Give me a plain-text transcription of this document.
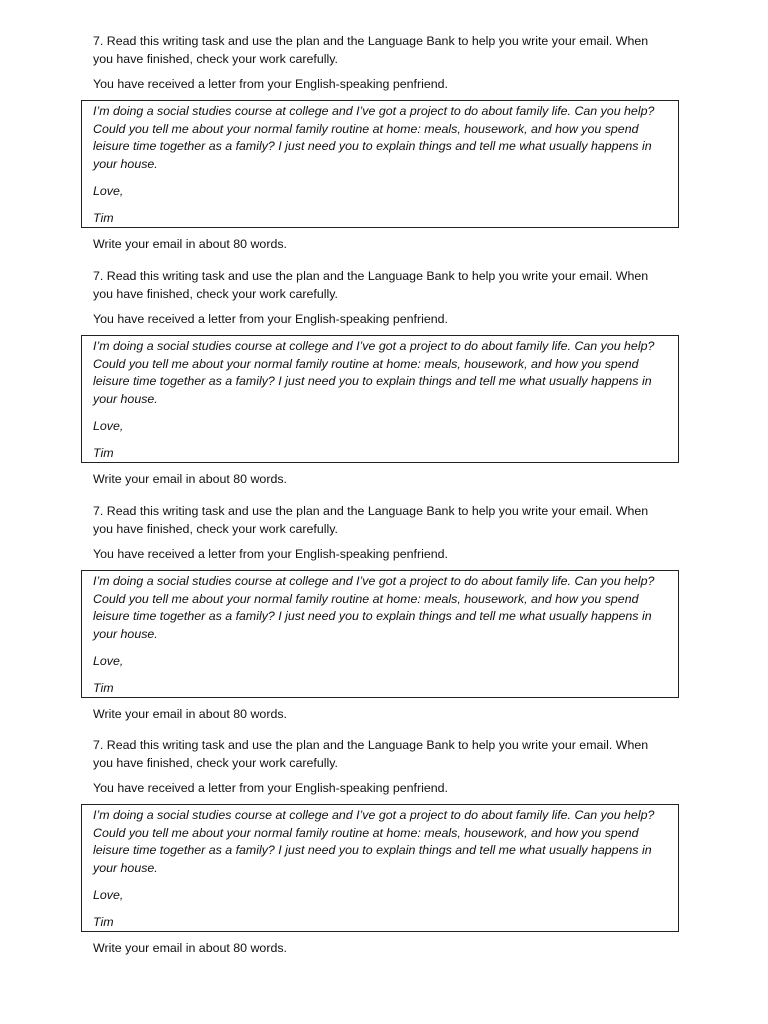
7. Read this writing task and use the plan and the Language Bank to help you write your email. When you have finished, check your work carefully.

You have received a letter from your English-speaking penfriend.

I’m doing a social studies course at college and I’ve got a project to do about family life. Can you help? Could you tell me about your normal family routine at home: meals, housework, and how you spend leisure time together as a family? I just need you to explain things and tell me what usually happens in your house.

Love,

Tim

Write your email in about 80 words.

7. Read this writing task and use the plan and the Language Bank to help you write your email. When you have finished, check your work carefully.

You have received a letter from your English-speaking penfriend.

I’m doing a social studies course at college and I’ve got a project to do about family life. Can you help? Could you tell me about your normal family routine at home: meals, housework, and how you spend leisure time together as a family? I just need you to explain things and tell me what usually happens in your house.

Love,

Tim

Write your email in about 80 words.

7. Read this writing task and use the plan and the Language Bank to help you write your email. When you have finished, check your work carefully.

You have received a letter from your English-speaking penfriend.

I’m doing a social studies course at college and I’ve got a project to do about family life. Can you help? Could you tell me about your normal family routine at home: meals, housework, and how you spend leisure time together as a family? I just need you to explain things and tell me what usually happens in your house.

Love,

Tim

Write your email in about 80 words.

7. Read this writing task and use the plan and the Language Bank to help you write your email. When you have finished, check your work carefully.

You have received a letter from your English-speaking penfriend.

I’m doing a social studies course at college and I’ve got a project to do about family life. Can you help? Could you tell me about your normal family routine at home: meals, housework, and how you spend leisure time together as a family? I just need you to explain things and tell me what usually happens in your house.

Love,

Tim

Write your email in about 80 words.
